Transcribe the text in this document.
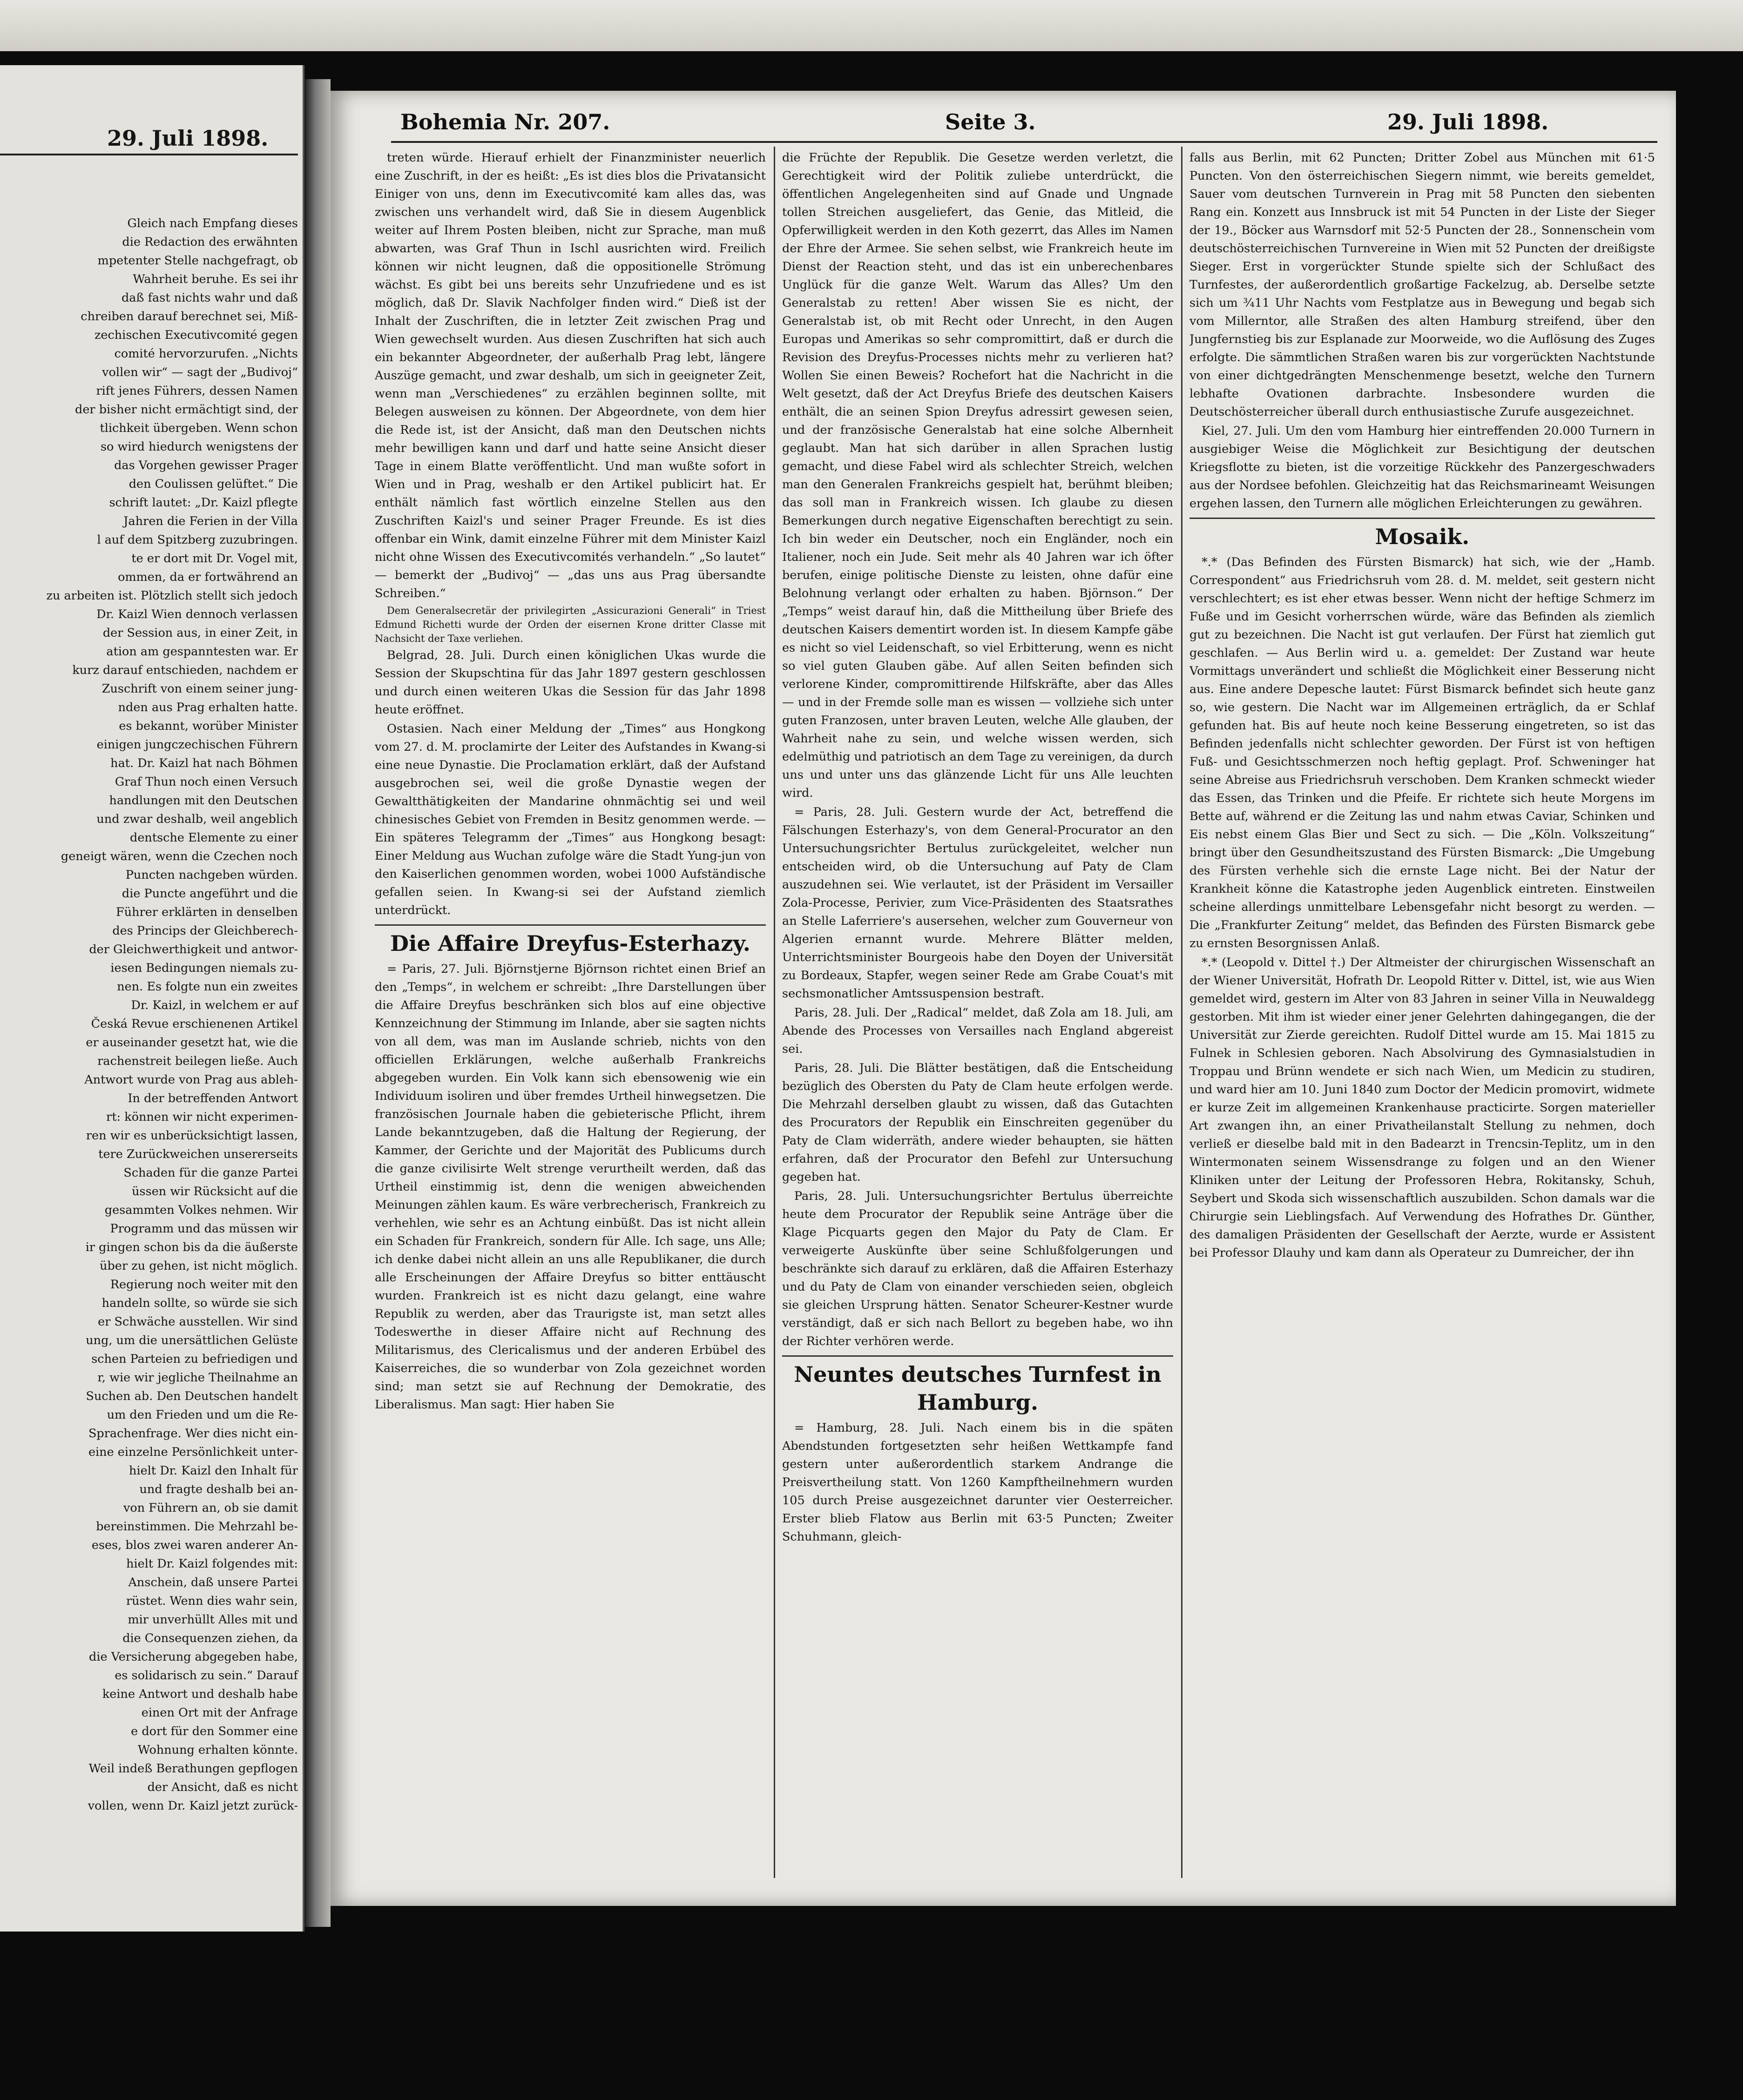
29. Juli 1898.

Gleich nach Empfang dieses

die Redaction des erwähnten

mpetenter Stelle nachgefragt, ob

Wahrheit beruhe. Es sei ihr

daß fast nichts wahr und daß

chreiben darauf berechnet sei, Miß-

zechischen Executivcomité gegen

comité hervorzurufen. „Nichts

vollen wir“ — sagt der „Budivoj“

rift jenes Führers, dessen Namen

der bisher nicht ermächtigt sind, der

tlichkeit übergeben. Wenn schon

so wird hiedurch wenigstens der

das Vorgehen gewisser Prager

den Coulissen gelüftet.“ Die

schrift lautet: „Dr. Kaizl pflegte

Jahren die Ferien in der Villa

l auf dem Spitzberg zuzubringen.

te er dort mit Dr. Vogel mit,

ommen, da er fortwährend an

zu arbeiten ist. Plötzlich stellt sich jedoch

Dr. Kaizl Wien dennoch verlassen

der Session aus, in einer Zeit, in

ation am gespanntesten war. Er

kurz darauf entschieden, nachdem er

Zuschrift von einem seiner jung-

nden aus Prag erhalten hatte.

es bekannt, worüber Minister

einigen jungczechischen Führern

hat. Dr. Kaizl hat nach Böhmen

Graf Thun noch einen Versuch

handlungen mit den Deutschen

und zwar deshalb, weil angeblich

dentsche Elemente zu einer

geneigt wären, wenn die Czechen noch

Puncten nachgeben würden.

die Puncte angeführt und die

Führer erklärten in denselben

des Princips der Gleichberech-

der Gleichwerthigkeit und antwor-

iesen Bedingungen niemals zu-

nen. Es folgte nun ein zweites

Dr. Kaizl, in welchem er auf

Česká Revue erschienenen Artikel

er auseinander gesetzt hat, wie die

rachenstreit beilegen ließe. Auch

Antwort wurde von Prag aus ableh-

In der betreffenden Antwort

rt: können wir nicht experimen-

ren wir es unberücksichtigt lassen,

tere Zurückweichen unsererseits

Schaden für die ganze Partei

üssen wir Rücksicht auf die

gesammten Volkes nehmen. Wir

Programm und das müssen wir

ir gingen schon bis da die äußerste

über zu gehen, ist nicht möglich.

Regierung noch weiter mit den

handeln sollte, so würde sie sich

er Schwäche ausstellen. Wir sind

ung, um die unersättlichen Gelüste

schen Parteien zu befriedigen und

r, wie wir jegliche Theilnahme an

Suchen ab. Den Deutschen handelt

um den Frieden und um die Re-

Sprachenfrage. Wer dies nicht ein-

eine einzelne Persönlichkeit unter-

hielt Dr. Kaizl den Inhalt für

und fragte deshalb bei an-

von Führern an, ob sie damit

bereinstimmen. Die Mehrzahl be-

eses, blos zwei waren anderer An-

hielt Dr. Kaizl folgendes mit:

Anschein, daß unsere Partei

rüstet. Wenn dies wahr sein,

mir unverhüllt Alles mit und

die Consequenzen ziehen, da

die Versicherung abgegeben habe,

es solidarisch zu sein.“ Darauf

keine Antwort und deshalb habe

einen Ort mit der Anfrage

e dort für den Sommer eine

Wohnung erhalten könnte.

Weil indeß Berathungen gepflogen

der Ansicht, daß es nicht

vollen, wenn Dr. Kaizl jetzt zurück-

Bohemia Nr. 207.	Seite 3.	29. Juli 1898.

treten würde. Hierauf erhielt der Finanzminister neuerlich eine Zuschrift, in der es heißt: „Es ist dies blos die Privatansicht Einiger von uns, denn im Executivcomité kam alles das, was zwischen uns verhandelt wird, daß Sie in diesem Augenblick weiter auf Ihrem Posten bleiben, nicht zur Sprache, man muß abwarten, was Graf Thun in Ischl ausrichten wird. Freilich können wir nicht leugnen, daß die oppositionelle Strömung wächst. Es gibt bei uns bereits sehr Unzufriedene und es ist möglich, daß Dr. Slavik Nachfolger finden wird.“ Dieß ist der Inhalt der Zuschriften, die in letzter Zeit zwischen Prag und Wien gewechselt wurden. Aus diesen Zuschriften hat sich auch ein bekannter Abgeordneter, der außerhalb Prag lebt, längere Auszüge gemacht, und zwar deshalb, um sich in geeigneter Zeit, wenn man „Verschiedenes“ zu erzählen beginnen sollte, mit Belegen ausweisen zu können. Der Abgeordnete, von dem hier die Rede ist, ist der Ansicht, daß man den Deutschen nichts mehr bewilligen kann und darf und hatte seine Ansicht dieser Tage in einem Blatte veröffentlicht. Und man wußte sofort in Wien und in Prag, weshalb er den Artikel publicirt hat. Er enthält nämlich fast wörtlich einzelne Stellen aus den Zuschriften Kaizl's und seiner Prager Freunde. Es ist dies offenbar ein Wink, damit einzelne Führer mit dem Minister Kaizl nicht ohne Wissen des Executivcomités verhandeln.“ „So lautet“ — bemerkt der „Budivoj“ — „das uns aus Prag übersandte Schreiben.“

Dem Generalsecretär der privilegirten „Assicurazioni Generali“ in Triest Edmund Richetti wurde der Orden der eisernen Krone dritter Classe mit Nachsicht der Taxe verliehen.

Belgrad, 28. Juli. Durch einen königlichen Ukas wurde die Session der Skupschtina für das Jahr 1897 gestern geschlossen und durch einen weiteren Ukas die Session für das Jahr 1898 heute eröffnet.

Ostasien. Nach einer Meldung der „Times“ aus Hongkong vom 27. d. M. proclamirte der Leiter des Aufstandes in Kwang-si eine neue Dynastie. Die Proclamation erklärt, daß der Aufstand ausgebrochen sei, weil die große Dynastie wegen der Gewaltthätigkeiten der Mandarine ohnmächtig sei und weil chinesisches Gebiet von Fremden in Besitz genommen werde. — Ein späteres Telegramm der „Times“ aus Hongkong besagt: Einer Meldung aus Wuchan zufolge wäre die Stadt Yung-jun von den Kaiserlichen genommen worden, wobei 1000 Aufständische gefallen seien. In Kwang-si sei der Aufstand ziemlich unterdrückt.

Die Affaire Dreyfus-Esterhazy.

= Paris, 27. Juli. Björnstjerne Björnson richtet einen Brief an den „Temps“, in welchem er schreibt: „Ihre Darstellungen über die Affaire Dreyfus beschränken sich blos auf eine objective Kennzeichnung der Stimmung im Inlande, aber sie sagten nichts von all dem, was man im Auslande schrieb, nichts von den officiellen Erklärungen, welche außerhalb Frankreichs abgegeben wurden. Ein Volk kann sich ebensowenig wie ein Individuum isoliren und über fremdes Urtheil hinwegsetzen. Die französischen Journale haben die gebieterische Pflicht, ihrem Lande bekanntzugeben, daß die Haltung der Regierung, der Kammer, der Gerichte und der Majorität des Publicums durch die ganze civilisirte Welt strenge verurtheilt werden, daß das Urtheil einstimmig ist, denn die wenigen abweichenden Meinungen zählen kaum. Es wäre verbrecherisch, Frankreich zu verhehlen, wie sehr es an Achtung einbüßt. Das ist nicht allein ein Schaden für Frankreich, sondern für Alle. Ich sage, uns Alle; ich denke dabei nicht allein an uns alle Republikaner, die durch alle Erscheinungen der Affaire Dreyfus so bitter enttäuscht wurden. Frankreich ist es nicht dazu gelangt, eine wahre Republik zu werden, aber das Traurigste ist, man setzt alles Todeswerthe in dieser Affaire nicht auf Rechnung des Militarismus, des Clericalismus und der anderen Erbübel des Kaiserreiches, die so wunderbar von Zola gezeichnet worden sind; man setzt sie auf Rechnung der Demokratie, des Liberalismus. Man sagt: Hier haben Sie

die Früchte der Republik. Die Gesetze werden verletzt, die Gerechtigkeit wird der Politik zuliebe unterdrückt, die öffentlichen Angelegenheiten sind auf Gnade und Ungnade tollen Streichen ausgeliefert, das Genie, das Mitleid, die Opferwilligkeit werden in den Koth gezerrt, das Alles im Namen der Ehre der Armee. Sie sehen selbst, wie Frankreich heute im Dienst der Reaction steht, und das ist ein unberechenbares Unglück für die ganze Welt. Warum das Alles? Um den Generalstab zu retten! Aber wissen Sie es nicht, der Generalstab ist, ob mit Recht oder Unrecht, in den Augen Europas und Amerikas so sehr compromittirt, daß er durch die Revision des Dreyfus-Processes nichts mehr zu verlieren hat? Wollen Sie einen Beweis? Rochefort hat die Nachricht in die Welt gesetzt, daß der Act Dreyfus Briefe des deutschen Kaisers enthält, die an seinen Spion Dreyfus adressirt gewesen seien, und der französische Generalstab hat eine solche Albernheit geglaubt. Man hat sich darüber in allen Sprachen lustig gemacht, und diese Fabel wird als schlechter Streich, welchen man den Generalen Frankreichs gespielt hat, berühmt bleiben; das soll man in Frankreich wissen. Ich glaube zu diesen Bemerkungen durch negative Eigenschaften berechtigt zu sein. Ich bin weder ein Deutscher, noch ein Engländer, noch ein Italiener, noch ein Jude. Seit mehr als 40 Jahren war ich öfter berufen, einige politische Dienste zu leisten, ohne dafür eine Belohnung verlangt oder erhalten zu haben. Björnson.“ Der „Temps“ weist darauf hin, daß die Mittheilung über Briefe des deutschen Kaisers dementirt worden ist. In diesem Kampfe gäbe es nicht so viel Leidenschaft, so viel Erbitterung, wenn es nicht so viel guten Glauben gäbe. Auf allen Seiten befinden sich verlorene Kinder, compromittirende Hilfskräfte, aber das Alles — und in der Fremde solle man es wissen — vollziehe sich unter guten Franzosen, unter braven Leuten, welche Alle glauben, der Wahrheit nahe zu sein, und welche wissen werden, sich edelmüthig und patriotisch an dem Tage zu vereinigen, da durch uns und unter uns das glänzende Licht für uns Alle leuchten wird.

= Paris, 28. Juli. Gestern wurde der Act, betreffend die Fälschungen Esterhazy's, von dem General-Procurator an den Untersuchungsrichter Bertulus zurückgeleitet, welcher nun entscheiden wird, ob die Untersuchung auf Paty de Clam auszudehnen sei. Wie verlautet, ist der Präsident im Versailler Zola-Processe, Perivier, zum Vice-Präsidenten des Staatsrathes an Stelle Laferriere's ausersehen, welcher zum Gouverneur von Algerien ernannt wurde. Mehrere Blätter melden, Unterrichtsminister Bourgeois habe den Doyen der Universität zu Bordeaux, Stapfer, wegen seiner Rede am Grabe Couat's mit sechsmonatlicher Amtssuspension bestraft.

Paris, 28. Juli. Der „Radical“ meldet, daß Zola am 18. Juli, am Abende des Processes von Versailles nach England abgereist sei.

Paris, 28. Juli. Die Blätter bestätigen, daß die Entscheidung bezüglich des Obersten du Paty de Clam heute erfolgen werde. Die Mehrzahl derselben glaubt zu wissen, daß das Gutachten des Procurators der Republik ein Einschreiten gegenüber du Paty de Clam widerräth, andere wieder behaupten, sie hätten erfahren, daß der Procurator den Befehl zur Untersuchung gegeben hat.

Paris, 28. Juli. Untersuchungsrichter Bertulus überreichte heute dem Procurator der Republik seine Anträge über die Klage Picquarts gegen den Major du Paty de Clam. Er verweigerte Auskünfte über seine Schlußfolgerungen und beschränkte sich darauf zu erklären, daß die Affairen Esterhazy und du Paty de Clam von einander verschieden seien, obgleich sie gleichen Ursprung hätten. Senator Scheurer-Kestner wurde verständigt, daß er sich nach Bellort zu begeben habe, wo ihn der Richter verhören werde.

Neuntes deutsches Turnfest in Hamburg.

= Hamburg, 28. Juli. Nach einem bis in die späten Abendstunden fortgesetzten sehr heißen Wettkampfe fand gestern unter außerordentlich starkem Andrange die Preisvertheilung statt. Von 1260 Kampftheilnehmern wurden 105 durch Preise ausgezeichnet darunter vier Oesterreicher. Erster blieb Flatow aus Berlin mit 63·5 Puncten; Zweiter Schuhmann, gleich-

falls aus Berlin, mit 62 Puncten; Dritter Zobel aus München mit 61·5 Puncten. Von den österreichischen Siegern nimmt, wie bereits gemeldet, Sauer vom deutschen Turnverein in Prag mit 58 Puncten den siebenten Rang ein. Konzett aus Innsbruck ist mit 54 Puncten in der Liste der Sieger der 19., Böcker aus Warnsdorf mit 52·5 Puncten der 28., Sonnenschein vom deutschösterreichischen Turnvereine in Wien mit 52 Puncten der dreißigste Sieger. Erst in vorgerückter Stunde spielte sich der Schlußact des Turnfestes, der außerordentlich großartige Fackelzug, ab. Derselbe setzte sich um ¾11 Uhr Nachts vom Festplatze aus in Bewegung und begab sich vom Millerntor, alle Straßen des alten Hamburg streifend, über den Jungfernstieg bis zur Esplanade zur Moorweide, wo die Auflösung des Zuges erfolgte. Die sämmtlichen Straßen waren bis zur vorgerückten Nachtstunde von einer dichtgedrängten Menschenmenge besetzt, welche den Turnern lebhafte Ovationen darbrachte. Insbesondere wurden die Deutschösterreicher überall durch enthusiastische Zurufe ausgezeichnet.

Kiel, 27. Juli. Um den vom Hamburg hier eintreffenden 20.000 Turnern in ausgiebiger Weise die Möglichkeit zur Besichtigung der deutschen Kriegsflotte zu bieten, ist die vorzeitige Rückkehr des Panzergeschwaders aus der Nordsee befohlen. Gleichzeitig hat das Reichsmarineamt Weisungen ergehen lassen, den Turnern alle möglichen Erleichterungen zu gewähren.

Mosaik.

*.* (Das Befinden des Fürsten Bismarck) hat sich, wie der „Hamb. Correspondent“ aus Friedrichsruh vom 28. d. M. meldet, seit gestern nicht verschlechtert; es ist eher etwas besser. Wenn nicht der heftige Schmerz im Fuße und im Gesicht vorherrschen würde, wäre das Befinden als ziemlich gut zu bezeichnen. Die Nacht ist gut verlaufen. Der Fürst hat ziemlich gut geschlafen. — Aus Berlin wird u. a. gemeldet: Der Zustand war heute Vormittags unverändert und schließt die Möglichkeit einer Besserung nicht aus. Eine andere Depesche lautet: Fürst Bismarck befindet sich heute ganz so, wie gestern. Die Nacht war im Allgemeinen erträglich, da er Schlaf gefunden hat. Bis auf heute noch keine Besserung eingetreten, so ist das Befinden jedenfalls nicht schlechter geworden. Der Fürst ist von heftigen Fuß- und Gesichtsschmerzen noch heftig geplagt. Prof. Schweninger hat seine Abreise aus Friedrichsruh verschoben. Dem Kranken schmeckt wieder das Essen, das Trinken und die Pfeife. Er richtete sich heute Morgens im Bette auf, während er die Zeitung las und nahm etwas Caviar, Schinken und Eis nebst einem Glas Bier und Sect zu sich. — Die „Köln. Volkszeitung“ bringt über den Gesundheitszustand des Fürsten Bismarck: „Die Umgebung des Fürsten verhehle sich die ernste Lage nicht. Bei der Natur der Krankheit könne die Katastrophe jeden Augenblick eintreten. Einstweilen scheine allerdings unmittelbare Lebensgefahr nicht besorgt zu werden. — Die „Frankfurter Zeitung“ meldet, das Befinden des Fürsten Bismarck gebe zu ernsten Besorgnissen Anlaß.

*.* (Leopold v. Dittel †.) Der Altmeister der chirurgischen Wissenschaft an der Wiener Universität, Hofrath Dr. Leopold Ritter v. Dittel, ist, wie aus Wien gemeldet wird, gestern im Alter von 83 Jahren in seiner Villa in Neuwaldegg gestorben. Mit ihm ist wieder einer jener Gelehrten dahingegangen, die der Universität zur Zierde gereichten. Rudolf Dittel wurde am 15. Mai 1815 zu Fulnek in Schlesien geboren. Nach Absolvirung des Gymnasialstudien in Troppau und Brünn wendete er sich nach Wien, um Medicin zu studiren, und ward hier am 10. Juni 1840 zum Doctor der Medicin promovirt, widmete er kurze Zeit im allgemeinen Krankenhause practicirte. Sorgen materieller Art zwangen ihn, an einer Privatheilanstalt Stellung zu nehmen, doch verließ er dieselbe bald mit in den Badearzt in Trencsin-Teplitz, um in den Wintermonaten seinem Wissensdrange zu folgen und an den Wiener Kliniken unter der Leitung der Professoren Hebra, Rokitansky, Schuh, Seybert und Skoda sich wissenschaftlich auszubilden. Schon damals war die Chirurgie sein Lieblingsfach. Auf Verwendung des Hofrathes Dr. Günther, des damaligen Präsidenten der Gesellschaft der Aerzte, wurde er Assistent bei Professor Dlauhy und kam dann als Operateur zu Dumreicher, der ihn
